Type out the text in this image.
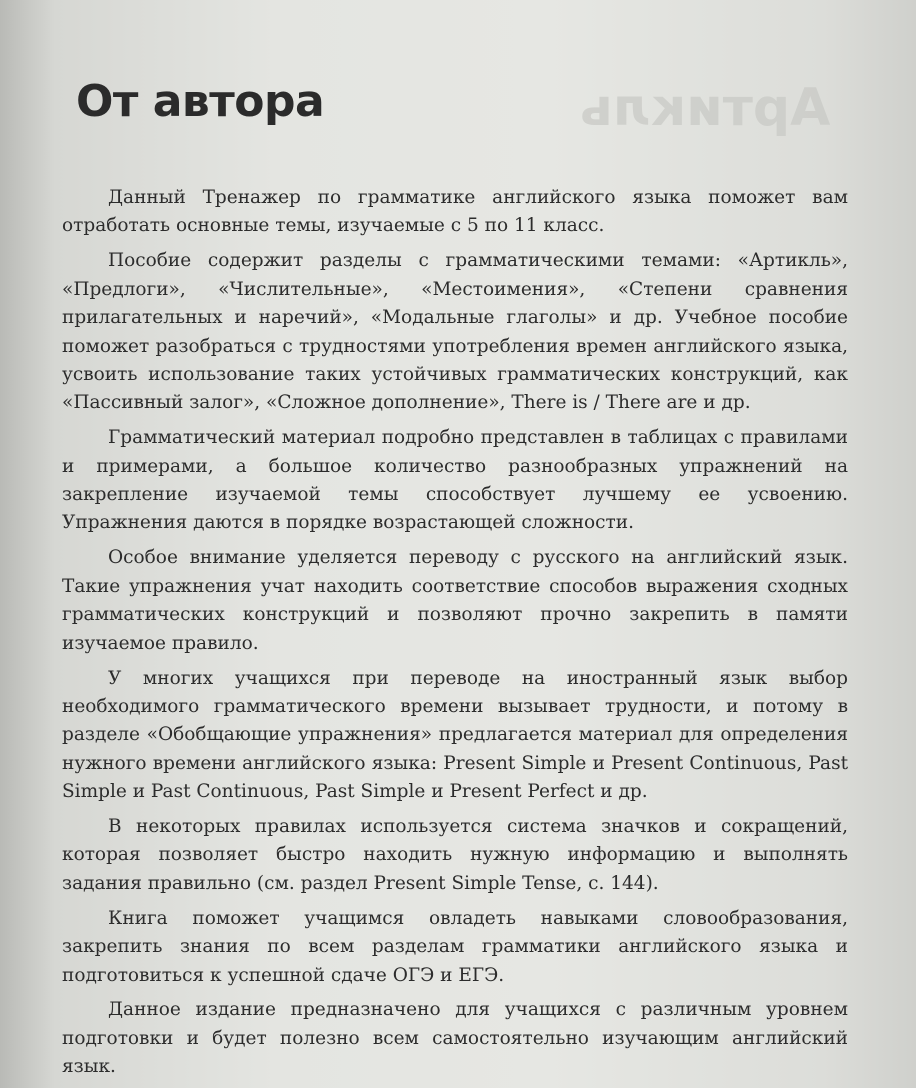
Артикль
От автора

Данный Тренажер по грамматике английского языка поможет вам отработать основные темы, изучаемые с 5 по 11 класс.

Пособие содержит разделы с грамматическими темами: «Артикль», «Предлоги», «Числительные», «Местоимения», «Степени сравнения прилагательных и наречий», «Модальные глаголы» и др. Учебное пособие поможет разобраться с трудностями употребления времен английского языка, усвоить использование таких устойчивых грамматических конструкций, как «Пассивный залог», «Сложное дополнение», There is / There are и др.

Грамматический материал подробно представлен в таблицах с правилами и примерами, а большое количество разнообразных упражнений на закрепление изучаемой темы способствует лучшему ее усвоению. Упражнения даются в порядке возрастающей сложности.

Особое внимание уделяется переводу с русского на английский язык. Такие упражнения учат находить соответствие способов выражения сходных грамматических конструкций и позволяют прочно закрепить в памяти изучаемое правило.

У многих учащихся при переводе на иностранный язык выбор необходимого грамматического времени вызывает трудности, и потому в разделе «Обобщающие упражнения» предлагается материал для определения нужного времени английского языка: Present Simple и Present Continuous, Past Simple и Past Continuous, Past Simple и Present Perfect и др.

В некоторых правилах используется система значков и сокращений, которая позволяет быстро находить нужную информацию и выполнять задания правильно (см. раздел Present Simple Tense, с. 144).

Книга поможет учащимся овладеть навыками словообразования, закрепить знания по всем разделам грамматики английского языка и подготовиться к успешной сдаче ОГЭ и ЕГЭ.

Данное издание предназначено для учащихся с различным уровнем подготовки и будет полезно всем самостоятельно изучающим английский язык.
